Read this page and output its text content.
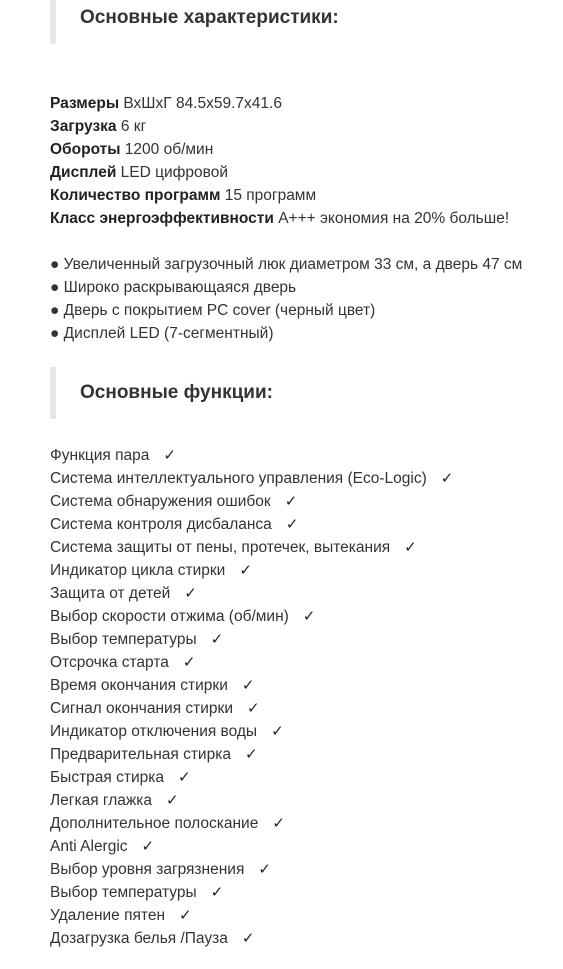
Основные характеристики:
Размеры ВхШхГ 84.5x59.7x41.6
Загрузка 6 кг
Обороты 1200 об/мин
Дисплей LED цифровой
Количество программ 15 программ
Класс энергоэффективности А+++ экономия на 20% больше!
● Увеличенный загрузочный люк диаметром 33 см, а дверь 47 см
● Широко раскрывающаяся дверь
● Дверь с покрытием PC cover (черный цвет)
● Дисплей LED (7-сегментный)
Основные функции:
Функция пара ✓
Система интеллектуального управления (Eco-Logic) ✓
Система обнаружения ошибок ✓
Система контроля дисбаланса ✓
Система защиты от пены, протечек, вытекания ✓
Индикатор цикла стирки ✓
Защита от детей ✓
Выбор скорости отжима (об/мин) ✓
Выбор температуры ✓
Отсрочка старта ✓
Время окончания стирки ✓
Сигнал окончания стирки ✓
Индикатор отключения воды ✓
Предварительная стирка ✓
Быстрая стирка ✓
Легкая глажка ✓
Дополнительное полоскание ✓
Anti Alergic ✓
Выбор уровня загрязнения ✓
Выбор температуры ✓
Удаление пятен ✓
Дозагрузка белья /Пауза ✓
